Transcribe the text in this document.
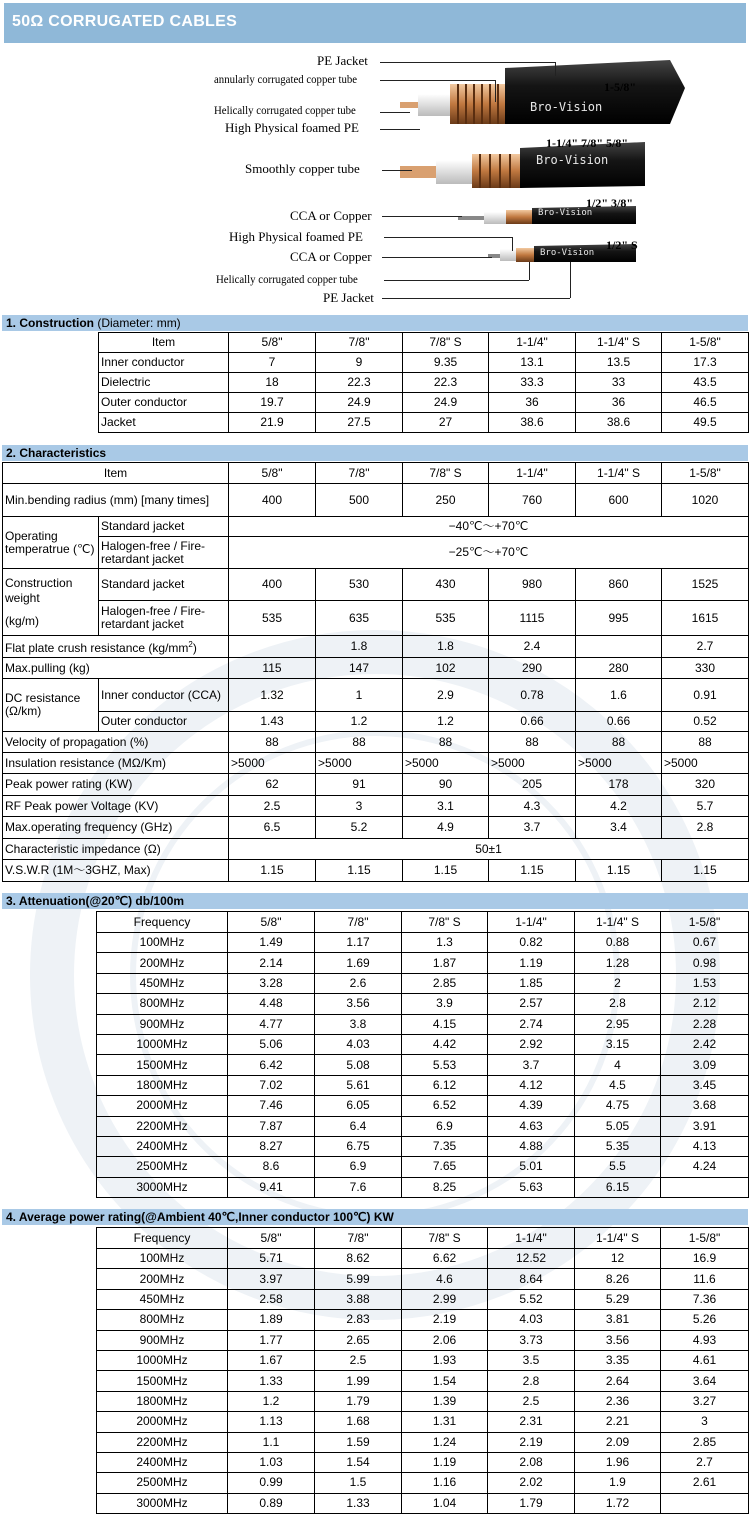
50Ω CORRUGATED CABLES
Bro-Vision
Bro-Vision
Bro-Vision
Bro-Vision
PE Jacket
annularly corrugated copper tube
Helically corrugated copper tube
High Physical foamed PE
Smoothly copper tube
CCA or Copper
High Physical foamed PE
CCA or Copper
Helically corrugated copper tube
PE Jacket
1-5/8"
1-1/4" 7/8" 5/8"
1/2" 3/8"
1/2" S
1. Construction (Diameter: mm)
Item	5/8"	7/8"	7/8" S	1-1/4"	1-1/4" S	1-5/8"
Inner conductor	7	9	9.35	13.1	13.5	17.3
Dielectric	18	22.3	22.3	33.3	33	43.5
Outer conductor	19.7	24.9	24.9	36	36	46.5
Jacket	21.9	27.5	27	38.6	38.6	49.5
2. Characteristics
Item		5/8"	7/8"	7/8" S	1-1/4"	1-1/4" S	1-5/8"
Min.bending radius (mm) [many times]		400	500	250	760	600	1020
Operating temperatrue (℃)	Standard jacket	−40℃～+70℃					
	Halogen-free / Fire-retardant jacket	−25℃～+70℃					

Construction weight
(kg/m)	Standard jacket	400	530	430	980	860	1525
	Halogen-free / Fire-retardant jacket	535	635	535	1115	995	1615
Flat plate crush resistance $(kg/mm^2)$			1.8	1.8	2.4		2.7
Max.pulling (kg)		115	147	102	290	280	330
DC resistance (Ω/km)	Inner conductor (CCA)	1.32	1	2.9	0.78	1.6	0.91
	Outer conductor	1.43	1.2	1.2	0.66	0.66	0.52
Velocity of propagation (%)		88	88	88	88	88	88
Insulation resistance (MΩ/Km)		>5000	>5000	>5000	>5000	>5000	>5000
Peak power rating (KW)		62	91	90	205	178	320
RF Peak power Voltage (KV)		2.5	3	3.1	4.3	4.2	5.7
Max.operating frequency (GHz)		6.5	5.2	4.9	3.7	3.4	2.8
Characteristic impedance (Ω)		50±1					
V.S.W.R (1M～3GHZ, Max)		1.15	1.15	1.15	1.15	1.15	1.15
3. Attenuation(@20℃) db/100m
Frequency	5/8"	7/8"	7/8" S	1-1/4"	1-1/4" S	1-5/8"
100MHz	1.49	1.17	1.3	0.82	0.88	0.67
200MHz	2.14	1.69	1.87	1.19	1.28	0.98
450MHz	3.28	2.6	2.85	1.85	2	1.53
800MHz	4.48	3.56	3.9	2.57	2.8	2.12
900MHz	4.77	3.8	4.15	2.74	2.95	2.28
1000MHz	5.06	4.03	4.42	2.92	3.15	2.42
1500MHz	6.42	5.08	5.53	3.7	4	3.09
1800MHz	7.02	5.61	6.12	4.12	4.5	3.45
2000MHz	7.46	6.05	6.52	4.39	4.75	3.68
2200MHz	7.87	6.4	6.9	4.63	5.05	3.91
2400MHz	8.27	6.75	7.35	4.88	5.35	4.13
2500MHz	8.6	6.9	7.65	5.01	5.5	4.24
3000MHz	9.41	7.6	8.25	5.63	6.15	
4. Average power rating(@Ambient 40℃,Inner conductor 100℃) KW
Frequency	5/8"	7/8"	7/8" S	1-1/4"	1-1/4" S	1-5/8"
100MHz	5.71	8.62	6.62	12.52	12	16.9
200MHz	3.97	5.99	4.6	8.64	8.26	11.6
450MHz	2.58	3.88	2.99	5.52	5.29	7.36
800MHz	1.89	2.83	2.19	4.03	3.81	5.26
900MHz	1.77	2.65	2.06	3.73	3.56	4.93
1000MHz	1.67	2.5	1.93	3.5	3.35	4.61
1500MHz	1.33	1.99	1.54	2.8	2.64	3.64
1800MHz	1.2	1.79	1.39	2.5	2.36	3.27
2000MHz	1.13	1.68	1.31	2.31	2.21	3
2200MHz	1.1	1.59	1.24	2.19	2.09	2.85
2400MHz	1.03	1.54	1.19	2.08	1.96	2.7
2500MHz	0.99	1.5	1.16	2.02	1.9	2.61
3000MHz	0.89	1.33	1.04	1.79	1.72	
